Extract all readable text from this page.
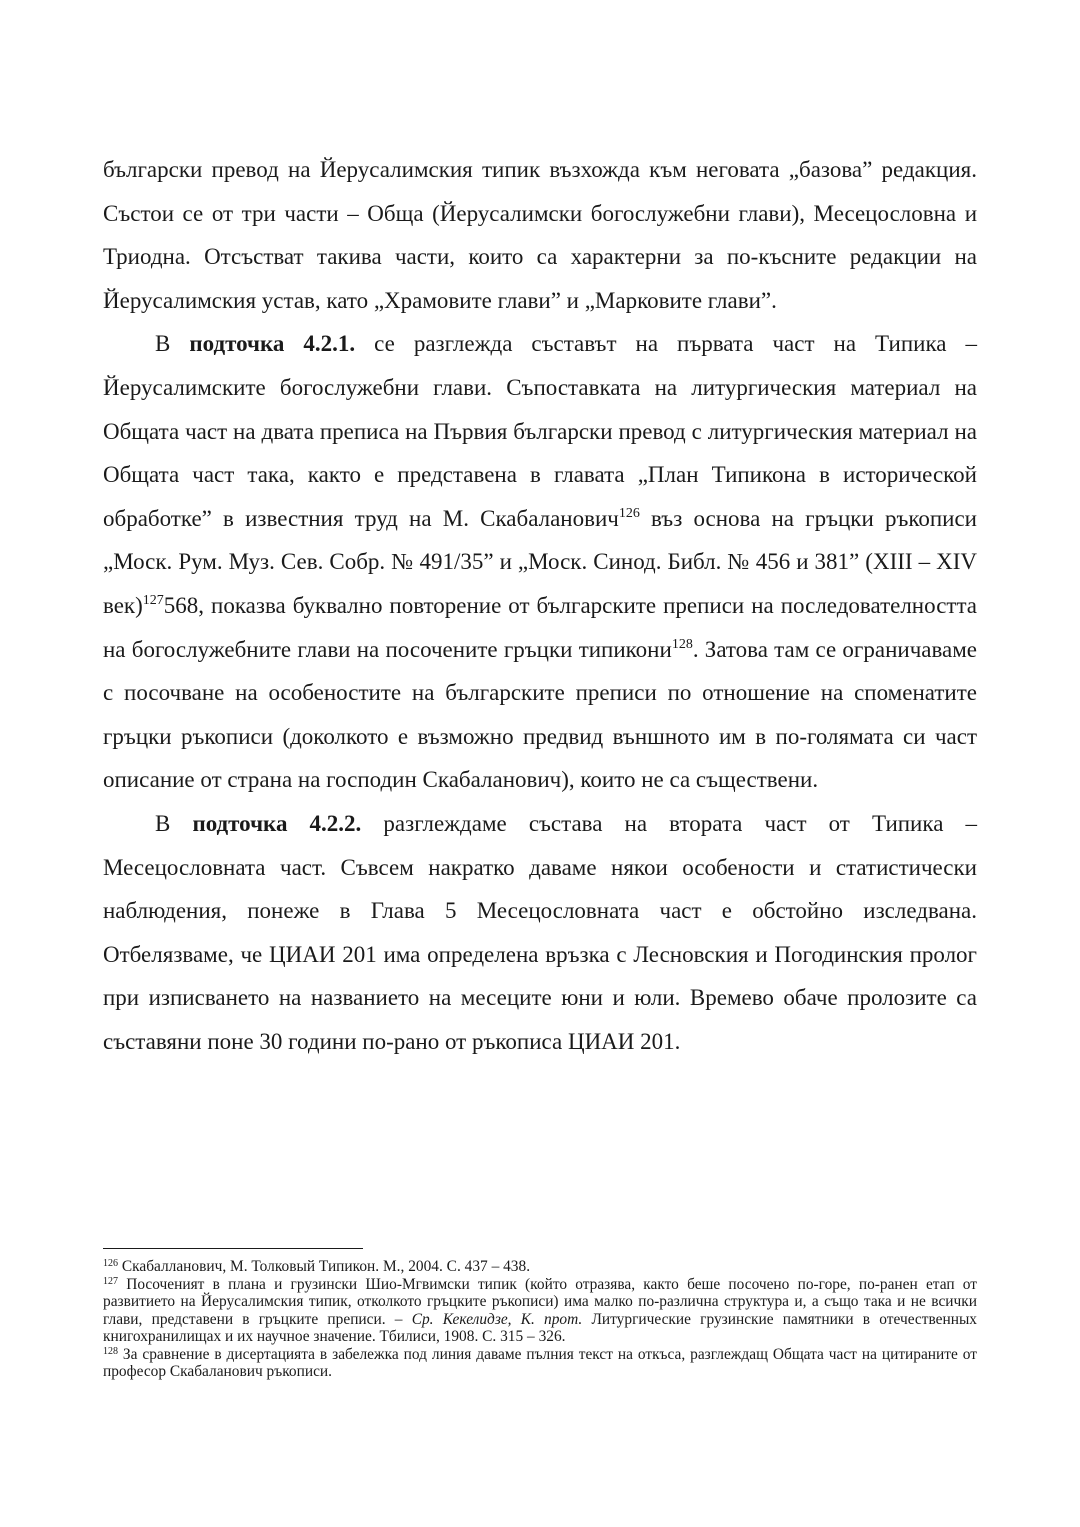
български превод на Йерусалимския типик възхожда към неговата „базова” редакция. Състои се от три части – Обща (Йерусалимски богослужебни глави), Месецословна и Триодна. Отсъстват такива части, които са характерни за по-късните редакции на Йерусалимския устав, като „Храмовите глави” и „Марковите глави”.

В подточка 4.2.1. се разглежда съставът на първата част на Типика – Йерусалимските богослужебни глави. Съпоставката на литургическия материал на Общата част на двата преписа на Първия български превод с литургическия материал на Общата част така, както е представена в главата „План Типикона в исторической обработке” в известния труд на М. Скабаланович$^{126}$ въз основа на гръцки ръкописи „Моск. Рум. Муз. Сев. Собр. № 491/35” и „Моск. Синод. Библ. № 456 и 381” (XIII – XIV век)$^{127}$568, показва буквално повторение от българските преписи на последователността на богослужебните глави на посочените гръцки типикони$^{128}$. Затова там се ограничаваме с посочване на особеностите на българските преписи по отношение на споменатите гръцки ръкописи (доколкото е възможно предвид външното им в по-голямата си част описание от страна на господин Скабаланович), които не са съществени.

В подточка 4.2.2. разглеждаме състава на втората част от Типика – Месецословната част. Съвсем накратко даваме някои особености и статистически наблюдения, понеже в Глава 5 Месецословната част е обстойно изследвана. Отбелязваме, че ЦИАИ 201 има определена връзка с Лесновския и Погодинския пролог при изписването на названието на месеците юни и юли. Времево обаче пролозите са съставяни поне 30 години по-рано от ръкописа ЦИАИ 201.

$^{126}$ Скабалланович, М. Толковый Типикон. М., 2004. С. 437 – 438.

$^{127}$ Посоченият в плана и грузински Шио-Мгвимски типик (който отразява, както беше посочено по-горе, по-ранен етап от развитието на Йерусалимския типик, отколкото гръцките ръкописи) има малко по-различна структура и, а също така и не всички глави, представени в гръцките преписи. – Ср. Кекелидзе, К. прот. Литургические грузинские памятники в отечественных книгохранилищах и их научное значение. Тбилиси, 1908. С. 315 – 326.

$^{128}$ За сравнение в дисертацията в забележка под линия даваме пълния текст на откъса, разглеждащ Общата част на цитираните от професор Скабаланович ръкописи.
